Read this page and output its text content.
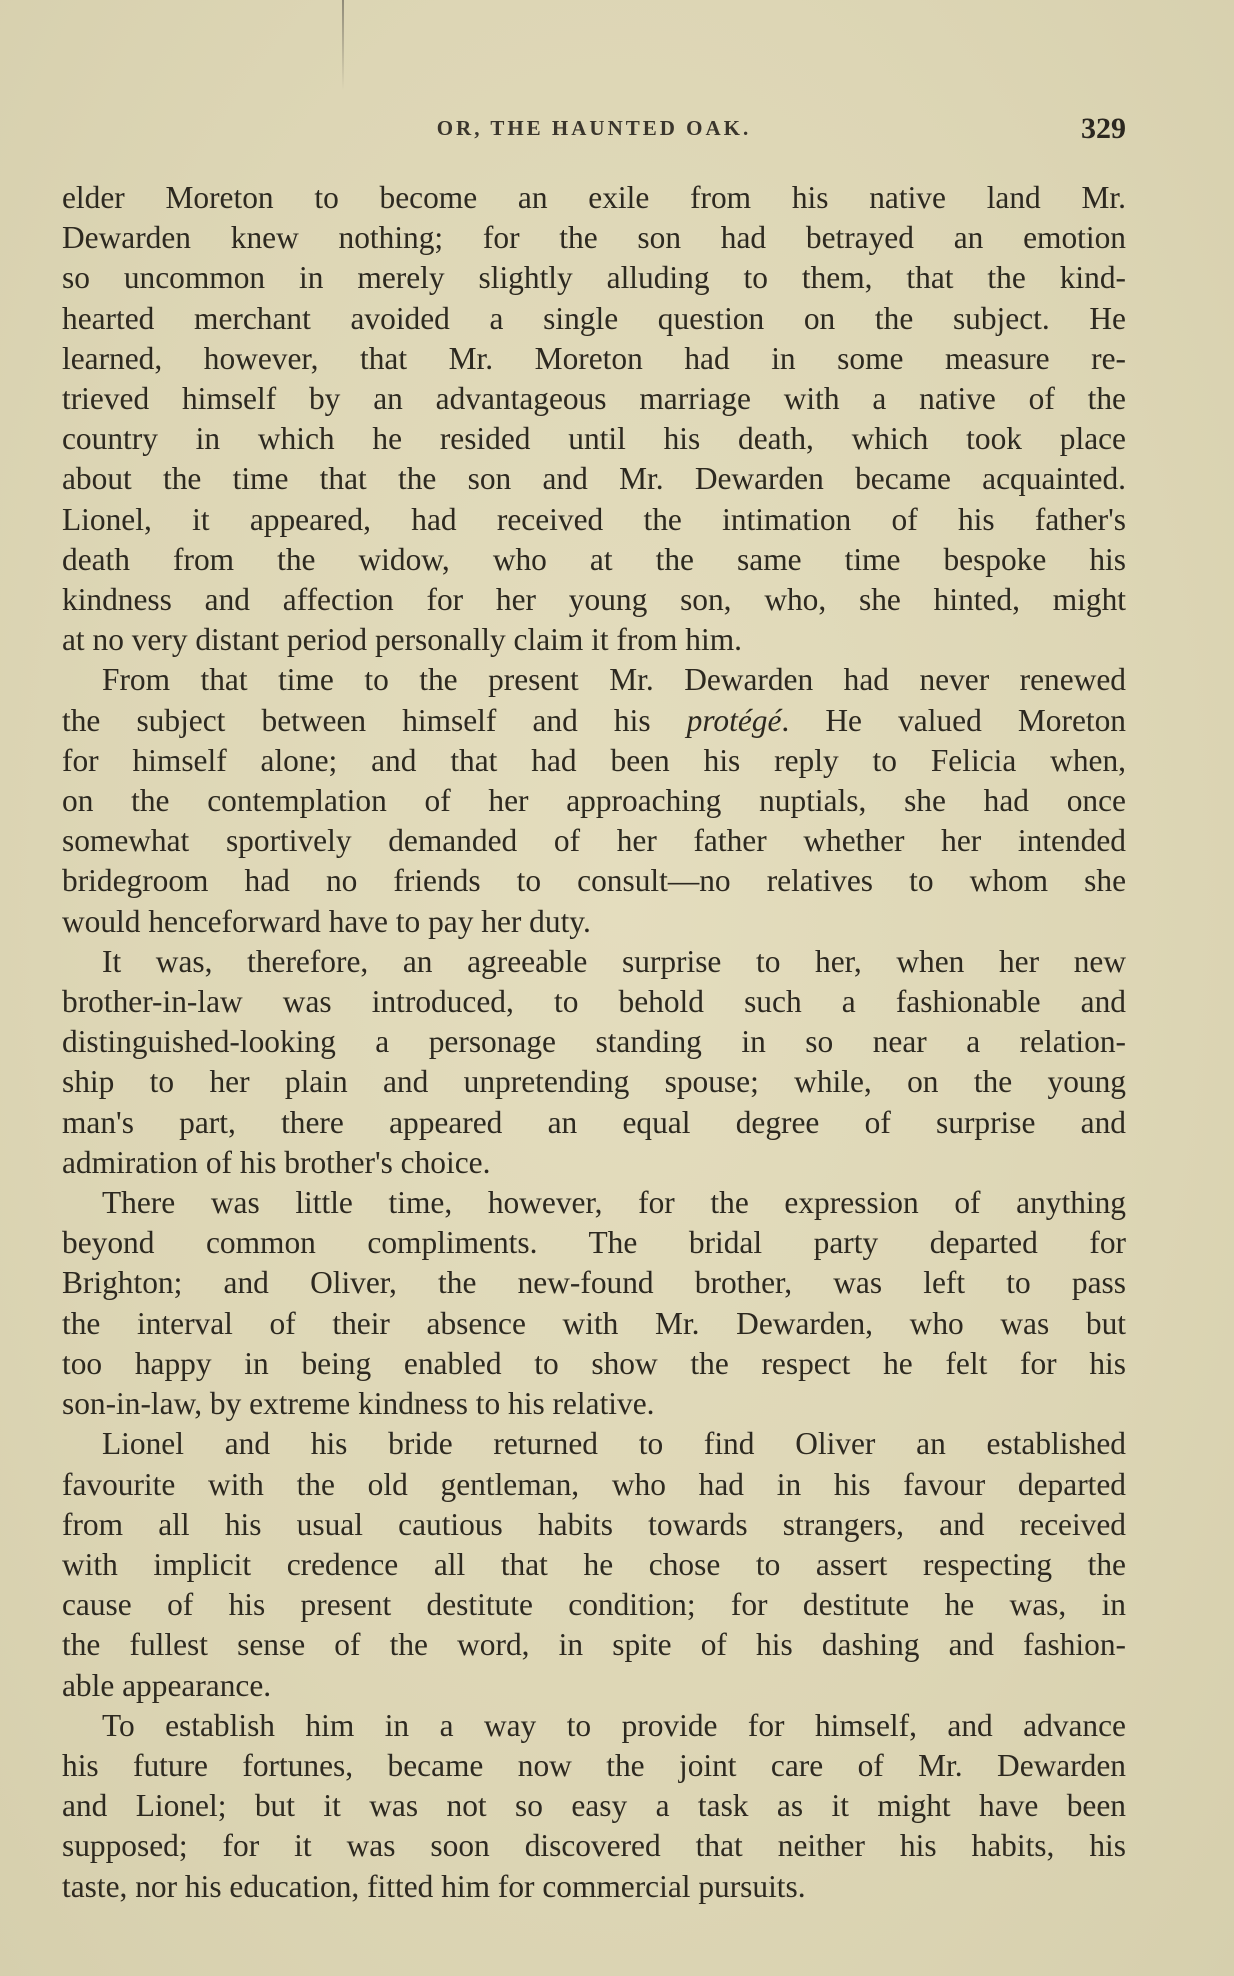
OR, THE HAUNTED OAK.	329
elder Moreton to become an exile from his native land Mr.
Dewarden knew nothing; for the son had betrayed an emotion
so uncommon in merely slightly alluding to them, that the kind-
hearted merchant avoided a single question on the subject. He
learned, however, that Mr. Moreton had in some measure re-
trieved himself by an advantageous marriage with a native of the
country in which he resided until his death, which took place
about the time that the son and Mr. Dewarden became acquainted.
Lionel, it appeared, had received the intimation of his father's
death from the widow, who at the same time bespoke his
kindness and affection for her young son, who, she hinted, might
at no very distant period personally claim it from him.
From that time to the present Mr. Dewarden had never renewed
the subject between himself and his protégé. He valued Moreton
for himself alone; and that had been his reply to Felicia when,
on the contemplation of her approaching nuptials, she had once
somewhat sportively demanded of her father whether her intended
bridegroom had no friends to consult—no relatives to whom she
would henceforward have to pay her duty.
It was, therefore, an agreeable surprise to her, when her new
brother-in-law was introduced, to behold such a fashionable and
distinguished-looking a personage standing in so near a relation-
ship to her plain and unpretending spouse; while, on the young
man's part, there appeared an equal degree of surprise and
admiration of his brother's choice.
There was little time, however, for the expression of anything
beyond common compliments. The bridal party departed for
Brighton; and Oliver, the new-found brother, was left to pass
the interval of their absence with Mr. Dewarden, who was but
too happy in being enabled to show the respect he felt for his
son-in-law, by extreme kindness to his relative.
Lionel and his bride returned to find Oliver an established
favourite with the old gentleman, who had in his favour departed
from all his usual cautious habits towards strangers, and received
with implicit credence all that he chose to assert respecting the
cause of his present destitute condition; for destitute he was, in
the fullest sense of the word, in spite of his dashing and fashion-
able appearance.
To establish him in a way to provide for himself, and advance
his future fortunes, became now the joint care of Mr. Dewarden
and Lionel; but it was not so easy a task as it might have been
supposed; for it was soon discovered that neither his habits, his
taste, nor his education, fitted him for commercial pursuits.
